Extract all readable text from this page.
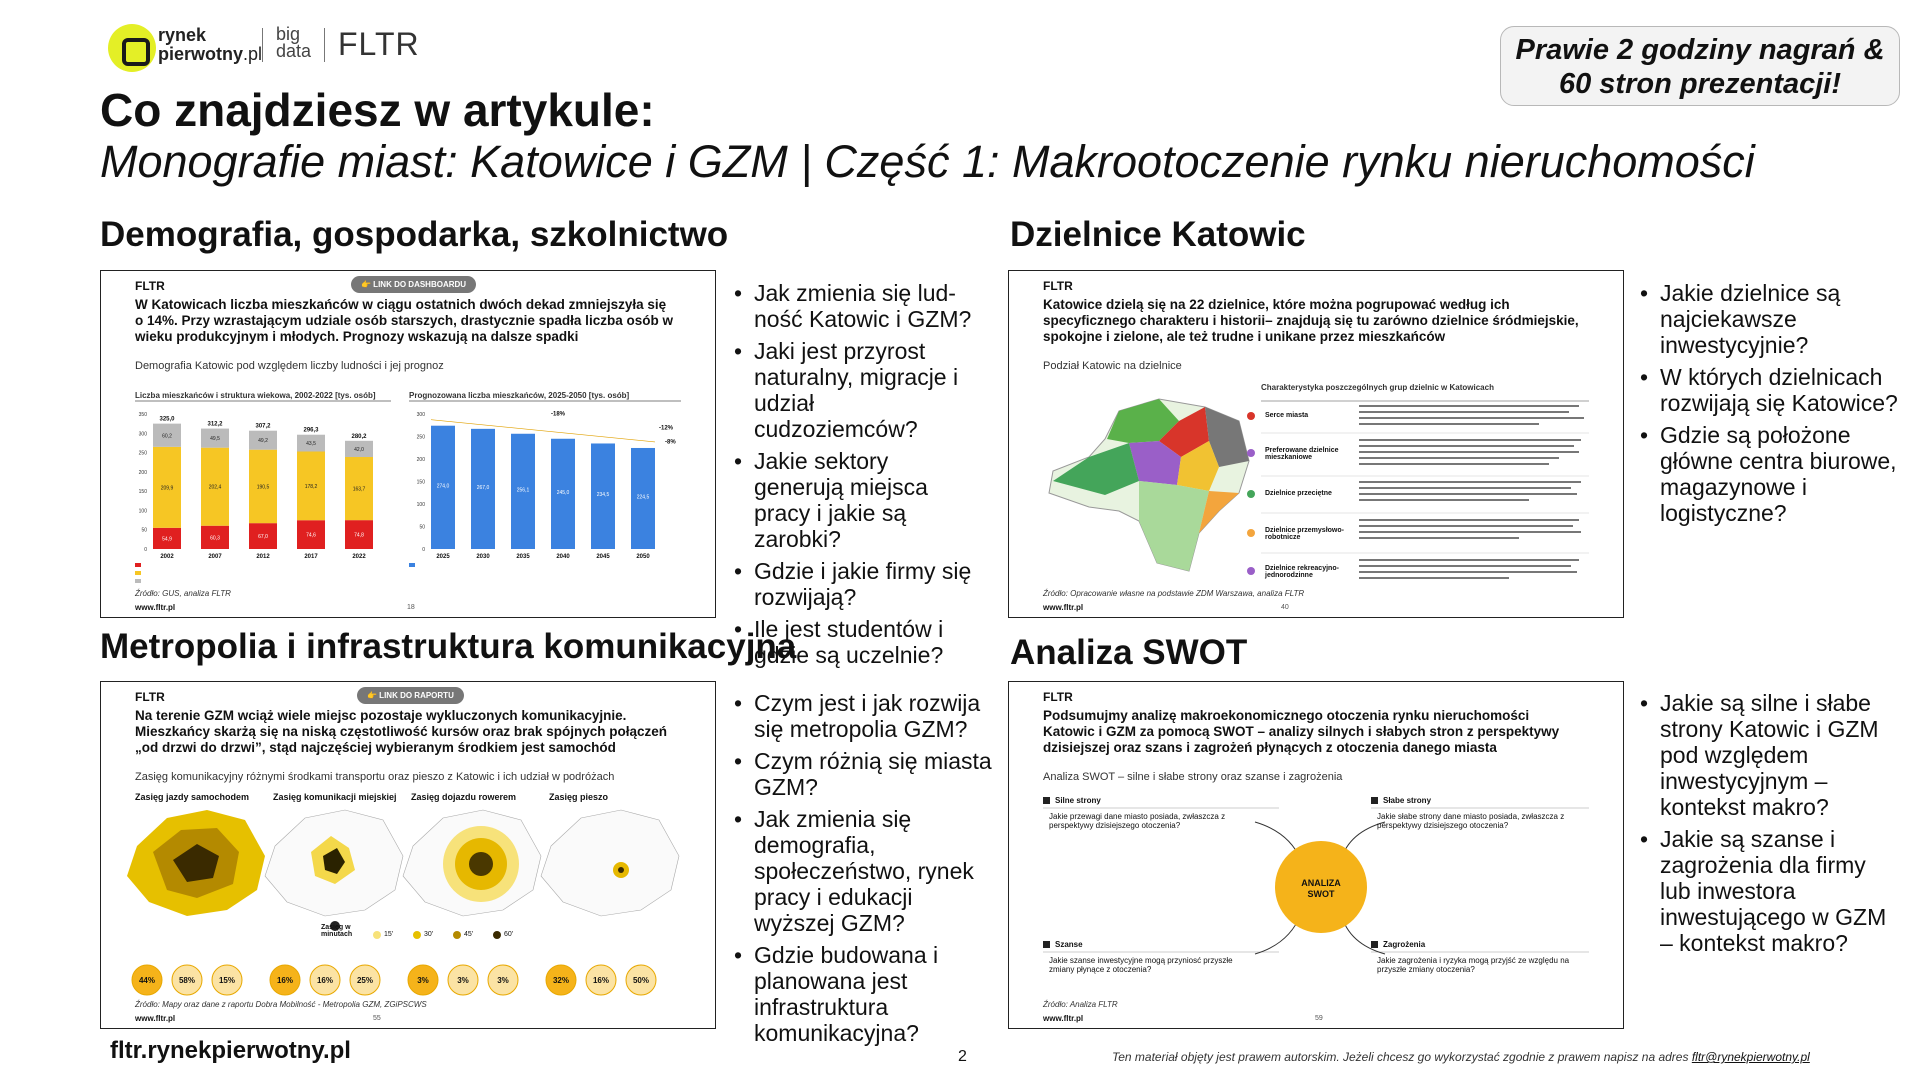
rynek
pierwotny.pl
big
data FLTR	Prawie 2 godziny nagrań &
60 stron prezentacji!
Co znajdziesz w artykule:
Monografie miast: Katowice i GZM | Część 1: Makrootoczenie rynku nieruchomości
Demografia, gospodarka, szkolnictwo
FLTR	👉 LINK DO DASHBOARDU
W Katowicach liczba mieszkańców w ciągu ostatnich dwóch dekad zmniejszyła się o 14%. Przy wzrastającym udziale osób starszych, drastycznie spadła liczba osób w wieku produkcyjnym i młodych. Prognozy wskazują na dalsze spadki
Demografia Katowic pod względem liczby ludności i jej prognoz
Liczba mieszkańców i struktura wiekowa, 2002-2022 [tys. osób]	Prognozowana liczba mieszkańców, 2025-2050 [tys. osób]
0
50
100
150
200
250
300
350
54,9
209,9
60,2
325,0
2002
60,3
202,4
49,5
312,2
2007
67,0
190,5
49,2
307,2
2012
74,6
178,2
43,5
296,3
2017
74,8
163,7
42,0
280,2
2022
0
50
100
150
200
250
300
274,0
2025
267,0
2030
256,1
2035
245,0
2040
234,5
2045
224,5
2050
-18%
-12%
-8%
Źródło: GUS, analiza FLTR
www.fltr.pl	18
• Jak zmienia się lud-ność Katowic i GZM?
• Jaki jest przyrost naturalny, migracje i udział cudzoziemców?
• Jakie sektory generują miejsca pracy i jakie są zarobki?
• Gdzie i jakie firmy się rozwijają?
• Ile jest studentów i gdzie są uczelnie?
Dzielnice Katowic
FLTR
Katowice dzielą się na 22 dzielnice, które można pogrupować według ich specyficznego charakteru i historii– znajdują się tu zarówno dzielnice śródmiejskie, spokojne i zielone, ale też trudne i unikane przez mieszkańców
Podział Katowic na dzielnice
Charakterystyka poszczególnych grup dzielnic w Katowicach
Serce miasta
Preferowane dzielnice mieszkaniowe
Dzielnice przeciętne
Dzielnice przemysłowo-robotnicze
Dzielnice rekreacyjno-jednorodzinne
Źródło: Opracowanie własne na podstawie ZDM Warszawa, analiza FLTR
www.fltr.pl	40
• Jakie dzielnice są najciekawsze inwestycyjnie?
• W których dzielnicach rozwijają się Katowice?
• Gdzie są położone główne centra biurowe, magazynowe i logistyczne?
Metropolia i infrastruktura komunikacyjna
FLTR	👉 LINK DO RAPORTU
Na terenie GZM wciąż wiele miejsc pozostaje wykluczonych komunikacyjnie. Mieszkańcy skarżą się na niską częstotliwość kursów oraz brak spójnych połączeń „od drzwi do drzwi”, stąd najczęściej wybieranym środkiem jest samochód
Zasięg komunikacyjny różnymi środkami transportu oraz pieszo z Katowic i ich udział w podróżach
Zasięg jazdy samochodem	Zasięg komunikacji miejskiej Zasięg dojazdu rowerem	Zasięg pieszo
44%	58%	15%	16%	16%	25%	3%	3%	3%	32%	16%	50%
Zasięg w minutach	15'	30'	45'	60'
Źródło: Mapy oraz dane z raportu Dobra Mobilność - Metropolia GZM, ZGiPSCWS
www.fltr.pl	55
• Czym jest i jak rozwija się metropolia GZM?
• Czym różnią się miasta GZM?
• Jak zmienia się demografia, społeczeństwo, rynek pracy i edukacji wyższej GZM?
• Gdzie budowana i planowana jest infrastruktura komunikacyjna?
Analiza SWOT
FLTR
Podsumujmy analizę makroekonomicznego otoczenia rynku nieruchomości Katowic i GZM za pomocą SWOT – analizy silnych i słabych stron z perspektywy dzisiejszej oraz szans i zagrożeń płynących z otoczenia danego miasta
Analiza SWOT – silne i słabe strony oraz szanse i zagrożenia
Silne strony
Jakie przewagi dane miasto posiada, zwłaszcza z perspektywy dzisiejszego otoczenia?
Słabe strony
Jakie słabe strony dane miasto posiada, zwłaszcza z perspektywy dzisiejszego otoczenia?
Szanse
Jakie szanse inwestycyjne mogą przyniosć przyszłe zmiany płynące z otoczenia?
Zagrożenia
Jakie zagrożenia i ryzyka mogą przyjść ze względu na przyszłe zmiany otoczenia?
ANALIZA SWOT
Źródło: Analiza FLTR
www.fltr.pl	59
• Jakie są silne i słabe strony Katowic i GZM pod względem inwestycyjnym – kontekst makro?
• Jakie są szanse i zagrożenia dla firmy lub inwestora inwestującego w GZM – kontekst makro?
fltr.rynekpierwotny.pl	2	Ten materiał objęty jest prawem autorskim. Jeżeli chcesz go wykorzystać zgodnie z prawem napisz na adres fltr@rynekpierwotny.pl
